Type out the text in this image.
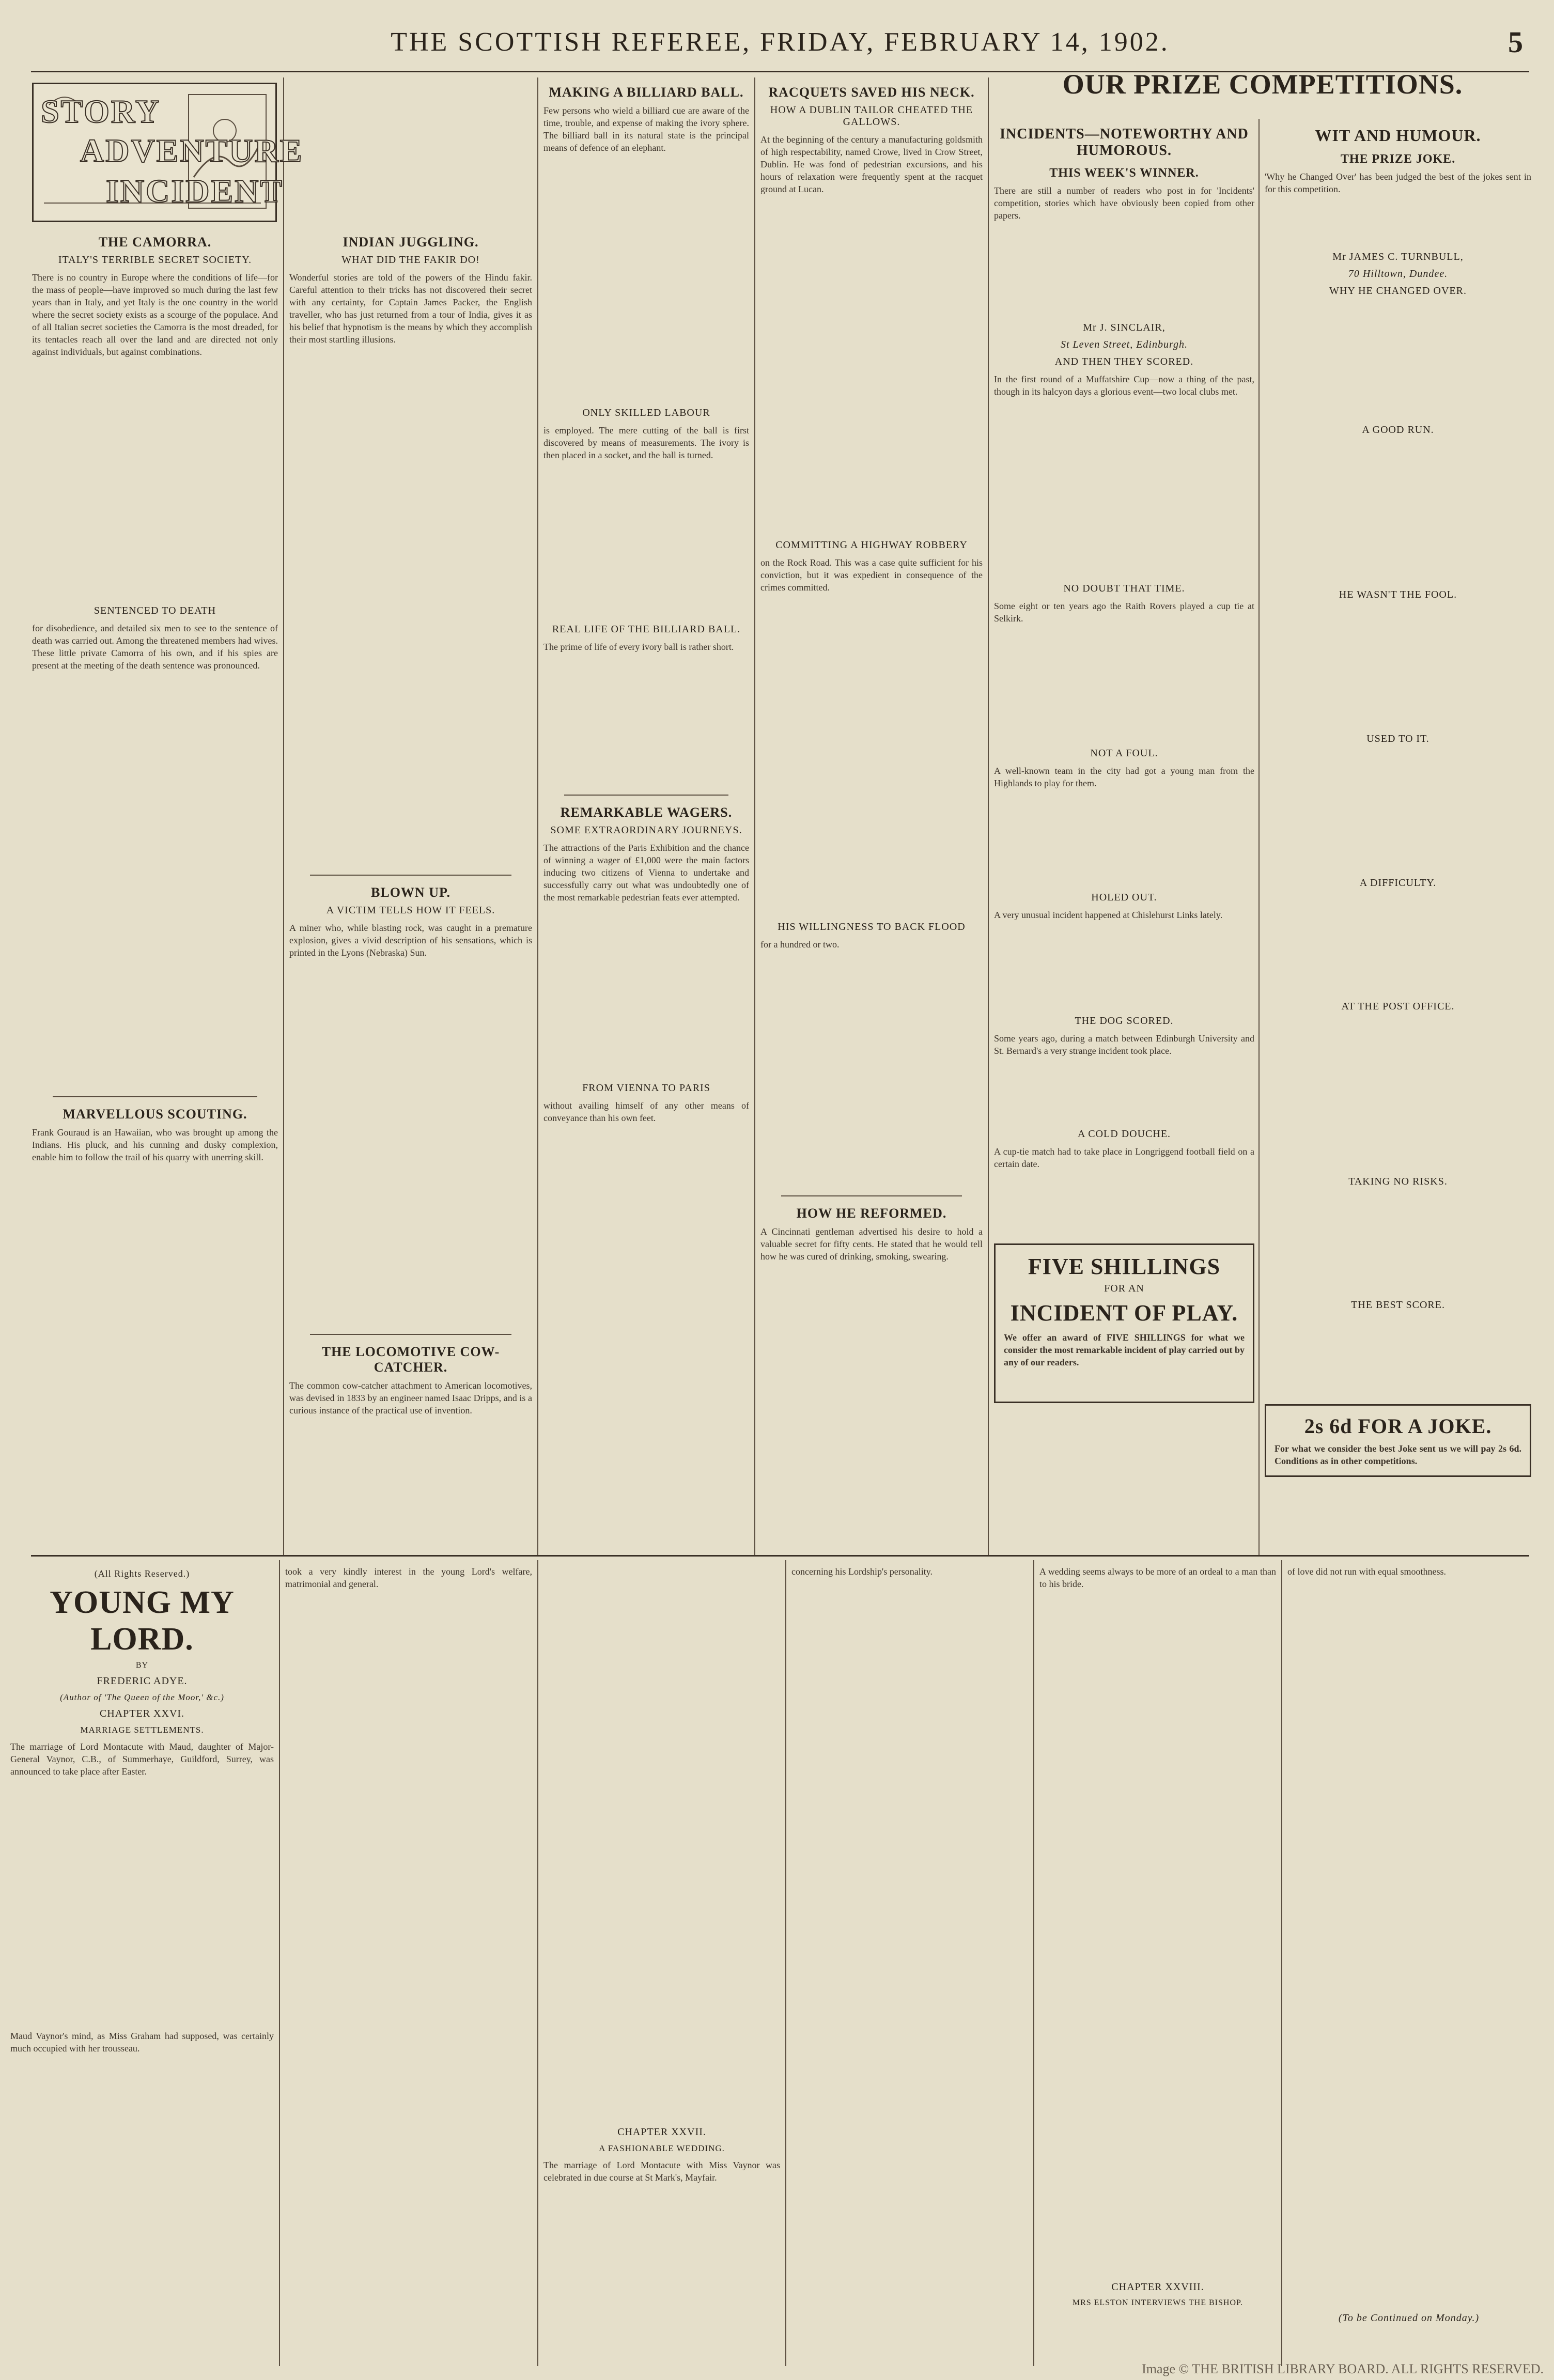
THE SCOTTISH REFEREE, FRIDAY, FEBRUARY 14, 1902.	5
STORY
ADVENTURE
INCIDENT
THE CAMORRA.
ITALY'S TERRIBLE SECRET SOCIETY.
There is no country in Europe where the conditions of life—for the mass of people—have improved so much during the last few years than in Italy, and yet Italy is the one country in the world where the secret society exists as a scourge of the populace. And of all Italian secret societies the Camorra is the most dreaded, for its tentacles reach all over the land and are directed not only against individuals, but against combinations.
SENTENCED TO DEATH
for disobedience, and detailed six men to see to the sentence of death was carried out. Among the threatened members had wives. These little private Camorra of his own, and if his spies are present at the meeting of the death sentence was pronounced.
MARVELLOUS SCOUTING.
Frank Gouraud is an Hawaiian, who was brought up among the Indians. His pluck, and his cunning and dusky complexion, enable him to follow the trail of his quarry with unerring skill.
INDIAN JUGGLING.
WHAT DID THE FAKIR DO!
Wonderful stories are told of the powers of the Hindu fakir. Careful attention to their tricks has not discovered their secret with any certainty, for Captain James Packer, the English traveller, who has just returned from a tour of India, gives it as his belief that hypnotism is the means by which they accomplish their most startling illusions.
BLOWN UP.
A VICTIM TELLS HOW IT FEELS.
A miner who, while blasting rock, was caught in a premature explosion, gives a vivid description of his sensations, which is printed in the Lyons (Nebraska) Sun.
THE LOCOMOTIVE COW-CATCHER.
The common cow-catcher attachment to American locomotives, was devised in 1833 by an engineer named Isaac Dripps, and is a curious instance of the practical use of invention.
MAKING A BILLIARD BALL.
Few persons who wield a billiard cue are aware of the time, trouble, and expense of making the ivory sphere. The billiard ball in its natural state is the principal means of defence of an elephant.
ONLY SKILLED LABOUR
is employed. The mere cutting of the ball is first discovered by means of measurements. The ivory is then placed in a socket, and the ball is turned.
REAL LIFE OF THE BILLIARD BALL.
The prime of life of every ivory ball is rather short.
REMARKABLE WAGERS.
SOME EXTRAORDINARY JOURNEYS.
The attractions of the Paris Exhibition and the chance of winning a wager of £1,000 were the main factors inducing two citizens of Vienna to undertake and successfully carry out what was undoubtedly one of the most remarkable pedestrian feats ever attempted.
FROM VIENNA TO PARIS
without availing himself of any other means of conveyance than his own feet.
RACQUETS SAVED HIS NECK.
HOW A DUBLIN TAILOR CHEATED THE GALLOWS.
At the beginning of the century a manufacturing goldsmith of high respectability, named Crowe, lived in Crow Street, Dublin. He was fond of pedestrian excursions, and his hours of relaxation were frequently spent at the racquet ground at Lucan.
COMMITTING A HIGHWAY ROBBERY
on the Rock Road. This was a case quite sufficient for his conviction, but it was expedient in consequence of the crimes committed.
HIS WILLINGNESS TO BACK FLOOD
for a hundred or two.
HOW HE REFORMED.
A Cincinnati gentleman advertised his desire to hold a valuable secret for fifty cents. He stated that he would tell how he was cured of drinking, smoking, swearing.
OUR PRIZE COMPETITIONS.
INCIDENTS—NOTEWORTHY AND HUMOROUS.
THIS WEEK'S WINNER.
There are still a number of readers who post in for 'Incidents' competition, stories which have obviously been copied from other papers.
Mr J. SINCLAIR,
St Leven Street, Edinburgh.
AND THEN THEY SCORED.
In the first round of a Muffatshire Cup—now a thing of the past, though in its halcyon days a glorious event—two local clubs met.
NO DOUBT THAT TIME.
Some eight or ten years ago the Raith Rovers played a cup tie at Selkirk.
NOT A FOUL.
A well-known team in the city had got a young man from the Highlands to play for them.
HOLED OUT.
A very unusual incident happened at Chislehurst Links lately.
THE DOG SCORED.
Some years ago, during a match between Edinburgh University and St. Bernard's a very strange incident took place.
A COLD DOUCHE.
A cup-tie match had to take place in Longriggend football field on a certain date.
FIVE SHILLINGS
FOR AN
INCIDENT OF PLAY.
We offer an award of FIVE SHILLINGS for what we consider the most remarkable incident of play carried out by any of our readers.
WIT AND HUMOUR.
THE PRIZE JOKE.
'Why he Changed Over' has been judged the best of the jokes sent in for this competition.
Mr JAMES C. TURNBULL,
70 Hilltown, Dundee.
WHY HE CHANGED OVER.
A GOOD RUN.
HE WASN'T THE FOOL.
USED TO IT.
A DIFFICULTY.
AT THE POST OFFICE.
TAKING NO RISKS.
THE BEST SCORE.
2s 6d FOR A JOKE.
For what we consider the best Joke sent us we will pay 2s 6d. Conditions as in other competitions.
(All Rights Reserved.)
YOUNG MY LORD.
BY
FREDERIC ADYE.
(Author of 'The Queen of the Moor,' &c.)
CHAPTER XXVI.
MARRIAGE SETTLEMENTS.
The marriage of Lord Montacute with Maud, daughter of Major-General Vaynor, C.B., of Summerhaye, Guildford, Surrey, was announced to take place after Easter.
Maud Vaynor's mind, as Miss Graham had supposed, was certainly much occupied with her trousseau.
took a very kindly interest in the young Lord's welfare, matrimonial and general.
CHAPTER XXVII.
A FASHIONABLE WEDDING.
The marriage of Lord Montacute with Miss Vaynor was celebrated in due course at St Mark's, Mayfair.
concerning his Lordship's personality.	A wedding seems always to be more of an ordeal to a man than to his bride.
CHAPTER XXVIII.
MRS ELSTON INTERVIEWS THE BISHOP.
of love did not run with equal smoothness.
(To be Continued on Monday.)
Image © THE BRITISH LIBRARY BOARD. ALL RIGHTS RESERVED.
